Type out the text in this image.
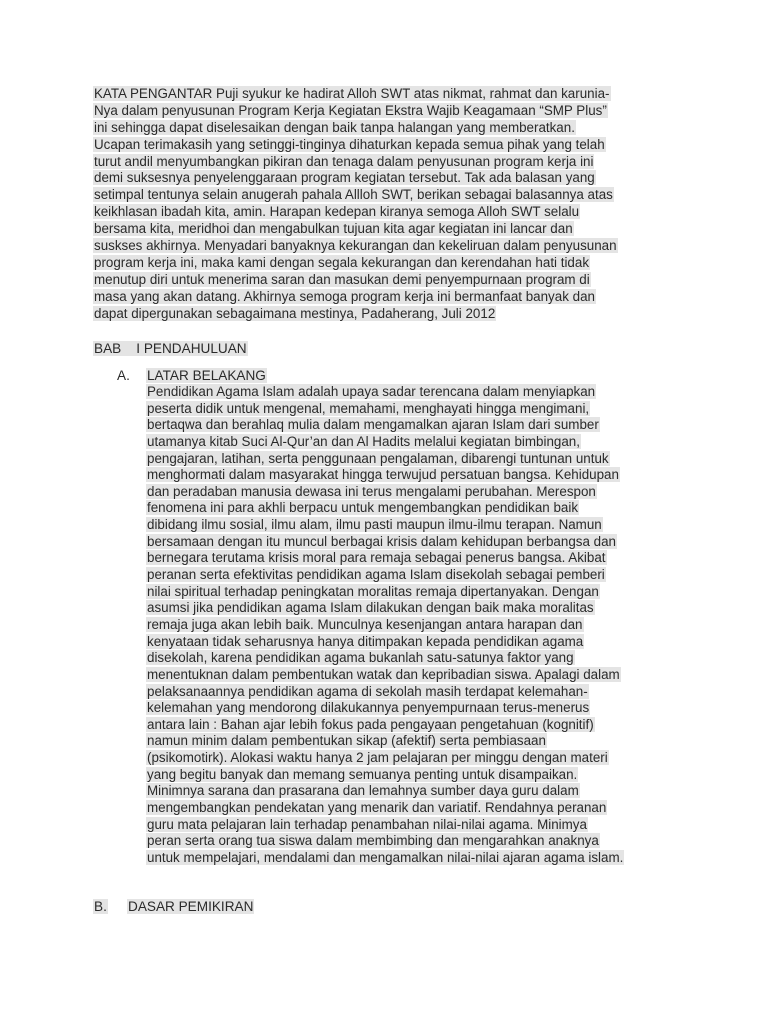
KATA PENGANTAR Puji syukur ke hadirat Alloh SWT atas nikmat, rahmat dan karunia-
Nya dalam penyusunan Program Kerja Kegiatan Ekstra Wajib Keagamaan “SMP Plus”
ini sehingga dapat diselesaikan dengan baik tanpa halangan yang memberatkan.
Ucapan terimakasih yang setinggi-tinginya dihaturkan kepada semua pihak yang telah
turut andil menyumbangkan pikiran dan tenaga dalam penyusunan program kerja ini
demi suksesnya penyelenggaraan program kegiatan tersebut. Tak ada balasan yang
setimpal tentunya selain anugerah pahala Allloh SWT, berikan sebagai balasannya atas
keikhlasan ibadah kita, amin. Harapan kedepan kiranya semoga Alloh SWT selalu
bersama kita, meridhoi dan mengabulkan tujuan kita agar kegiatan ini lancar dan
suskses akhirnya. Menyadari banyaknya kekurangan dan kekeliruan dalam penyusunan
program kerja ini, maka kami dengan segala kekurangan dan kerendahan hati tidak
menutup diri untuk menerima saran dan masukan demi penyempurnaan program di
masa yang akan datang. Akhirnya semoga program kerja ini bermanfaat banyak dan
dapat dipergunakan sebagaimana mestinya, Padaherang, Juli 2012
BAB    I PENDAHULUAN
A. LATAR BELAKANG
Pendidikan Agama Islam adalah upaya sadar terencana dalam menyiapkan
peserta didik untuk mengenal, memahami, menghayati hingga mengimani,
bertaqwa dan berahlaq mulia dalam mengamalkan ajaran Islam dari sumber
utamanya kitab Suci Al-Qur’an dan Al Hadits melalui kegiatan bimbingan,
pengajaran, latihan, serta penggunaan pengalaman, dibarengi tuntunan untuk
menghormati dalam masyarakat hingga terwujud persatuan bangsa. Kehidupan
dan peradaban manusia dewasa ini terus mengalami perubahan. Merespon
fenomena ini para akhli berpacu untuk mengembangkan pendidikan baik
dibidang ilmu sosial, ilmu alam, ilmu pasti maupun ilmu-ilmu terapan. Namun
bersamaan dengan itu muncul berbagai krisis dalam kehidupan berbangsa dan
bernegara terutama krisis moral para remaja sebagai penerus bangsa. Akibat
peranan serta efektivitas pendidikan agama Islam disekolah sebagai pemberi
nilai spiritual terhadap peningkatan moralitas remaja dipertanyakan. Dengan
asumsi jika pendidikan agama Islam dilakukan dengan baik maka moralitas
remaja juga akan lebih baik. Munculnya kesenjangan antara harapan dan
kenyataan tidak seharusnya hanya ditimpakan kepada pendidikan agama
disekolah, karena pendidikan agama bukanlah satu-satunya faktor yang
menentuknan dalam pembentukan watak dan kepribadian siswa. Apalagi dalam
pelaksanaannya pendidikan agama di sekolah masih terdapat kelemahan-
kelemahan yang mendorong dilakukannya penyempurnaan terus-menerus
antara lain : Bahan ajar lebih fokus pada pengayaan pengetahuan (kognitif)
namun minim dalam pembentukan sikap (afektif) serta pembiasaan
(psikomotirk). Alokasi waktu hanya 2 jam pelajaran per minggu dengan materi
yang begitu banyak dan memang semuanya penting untuk disampaikan.
Minimnya sarana dan prasarana dan lemahnya sumber daya guru dalam
mengembangkan pendekatan yang menarik dan variatif. Rendahnya peranan
guru mata pelajaran lain terhadap penambahan nilai-nilai agama. Minimya
peran serta orang tua siswa dalam membimbing dan mengarahkan anaknya
untuk mempelajari, mendalami dan mengamalkan nilai-nilai ajaran agama islam.
B. DASAR PEMIKIRAN
